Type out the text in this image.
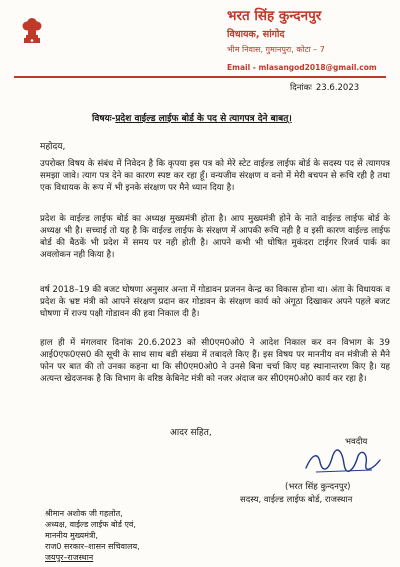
भरत सिंह कुन्दनपुर
विधायक, सांगोद
भीम निवास, गुमानपुरा, कोटा – 7
Email - mlasangod2018@gmail.com
दिनांकः 23.6.2023
विषयः-प्रदेश वाईल्ड लाईफ बोर्ड के पद से त्यागपत्र देने बाबत्।
महोदय,
उपरोक्त विषय के संबंध में निवेदन है कि कृपया इस पत्र को मेरे स्टेट वाईल्ड लाईफ बोर्ड के सदस्य पद से त्यागपत्र समझा जावे। त्याग पत्र देने का कारण स्पष्ट कर रहा हूँ। वन्यजीव संरक्षण व वनो में मेरी बचपन से रूचि रही है तथा एक विधायक के रूप में भी इनके संरक्षण पर मैने ध्यान दिया है।
प्रदेश के वाईल्ड लाईफ बोर्ड का अध्यक्ष मुख्यमंत्री होता है। आप मुख्यमंत्री होने के नाते वाईल्ड लाईफ बोर्ड के अध्यक्ष भी है। सच्चाई तो यह है कि वाईल्ड लाईफ के संरक्षण में आपकी रूचि नही है व इसी कारण वाईल्ड लाईफ बोर्ड की बैठकें भी प्रदेश में समय पर नही होती है। आपने कभी भी घोषित मुकंदरा टाईगर रिजर्व पार्क का अवलोकन नही किया है।
वर्ष 2018–19 की बजट घोषणा अनुसार अन्ता में गोडावन प्रजनन केन्द्र का विकास होना था। अंता के विधायक व प्रदेश के भ्रष्ट मंत्री को आपने संरक्षण प्रदान कर गोडावन के संरक्षण कार्य को अंगूठा दिखाकर अपने पहले बजट घोषणा में राज्य पक्षी गोडावन की हवा निकाल दी है।
हाल ही में मंगलवार दिनांक 20.6.2023 को सी0एम0ओ0 ने आदेश निकाल कर वन विभाग के 39 आई0एफ0एस0 की सूची के साथ साथ बडी संख्या में तबादले किए हैं। इस विषय पर माननीय वन मंत्रीजी से मैने फोन पर बात की तो उनका कहना था कि सी0एम0ओ0 ने उनसे बिना चर्चा किए यह स्थानान्तरण किए है। यह अत्यन्त खेदजनक है कि विभाग के वरिष्ठ केबिनेट मंत्री को नजर अंदाज कर सी0एम0ओ0 कार्य कर रहा है।
आदर सहित,
भवदीय
(भरत सिंह कुन्दनपुर)
सदस्य, वाईल्ड लाईफ बोर्ड, राजस्थान
श्रीमान अशोक जी गहलोत,
अध्यक्ष, वाईल्ड लाईफ बोर्ड एवं,
माननीय मुख्यमंत्री,
राज0 सरकार–शासन सचिवालय,
जयपुर–राजस्थान
